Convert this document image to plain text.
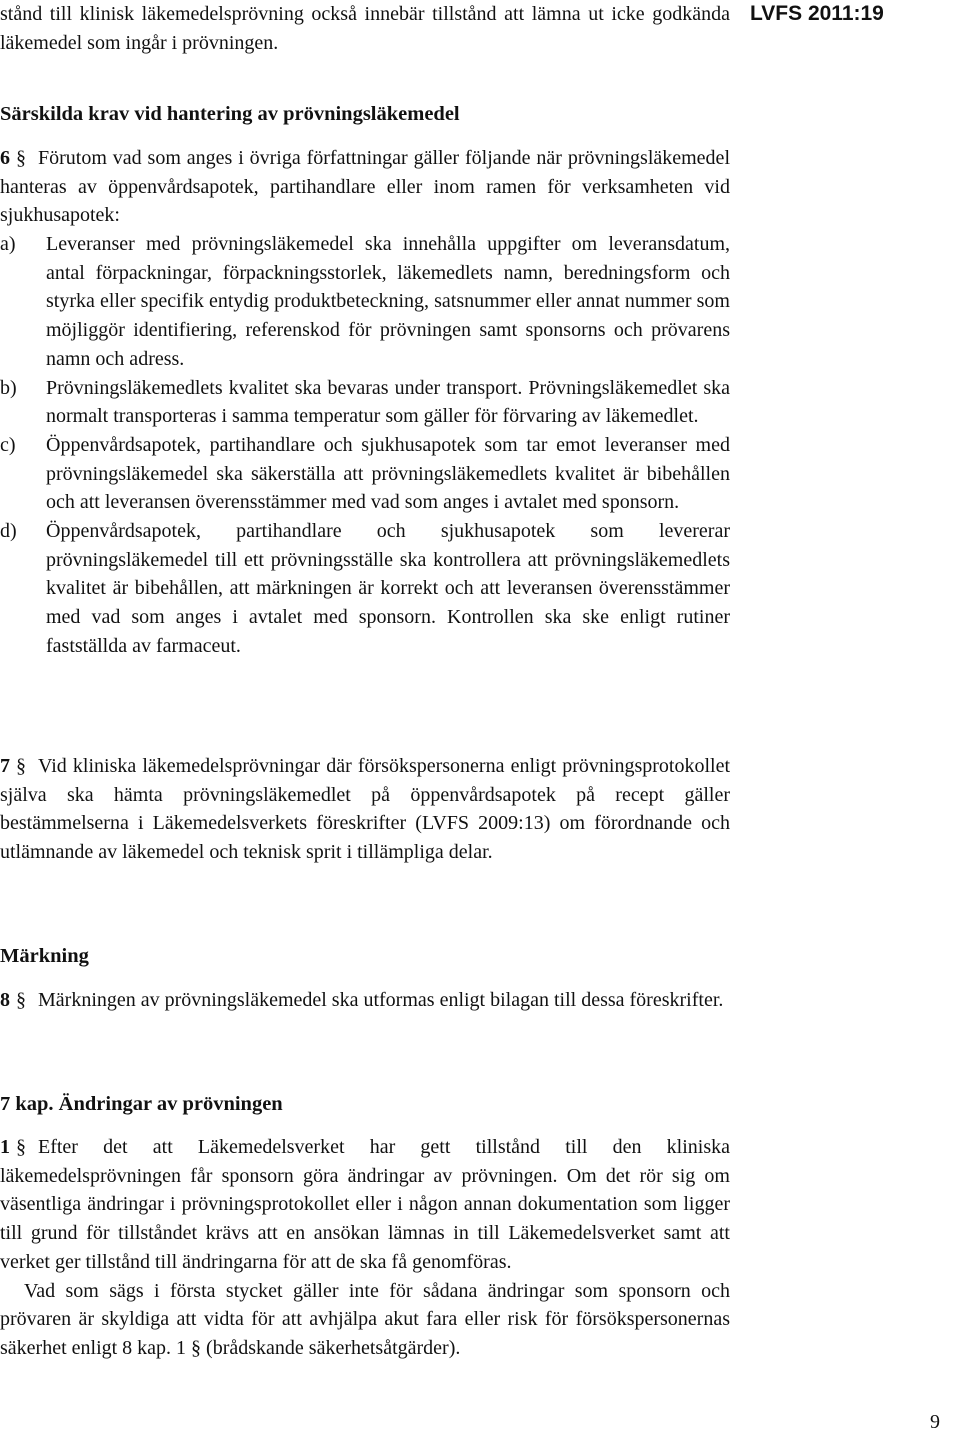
LVFS 2011:19

stånd till klinisk läkemedelsprövning också innebär tillstånd att lämna ut icke godkända läkemedel som ingår i prövningen.

Särskilda krav vid hantering av prövningsläkemedel

6 § Förutom vad som anges i övriga författningar gäller följande när prövningsläkemedel hanteras av öppenvårdsapotek, partihandlare eller inom ramen för verksamheten vid sjukhusapotek:

a) Leveranser med prövningsläkemedel ska innehålla uppgifter om leveransdatum, antal förpackningar, förpackningsstorlek, läkemedlets namn, beredningsform och styrka eller specifik entydig produktbeteckning, satsnummer eller annat nummer som möjliggör identifiering, referenskod för prövningen samt sponsorns och prövarens namn och adress.

b) Prövningsläkemedlets kvalitet ska bevaras under transport. Prövningsläkemedlet ska normalt transporteras i samma temperatur som gäller för förvaring av läkemedlet.

c) Öppenvårdsapotek, partihandlare och sjukhusapotek som tar emot leveranser med prövningsläkemedel ska säkerställa att prövningsläkemedlets kvalitet är bibehållen och att leveransen överensstämmer med vad som anges i avtalet med sponsorn.

d) Öppenvårdsapotek, partihandlare och sjukhusapotek som levererar prövningsläkemedel till ett prövningsställe ska kontrollera att prövningsläkemedlets kvalitet är bibehållen, att märkningen är korrekt och att leveransen överensstämmer med vad som anges i avtalet med sponsorn. Kontrollen ska ske enligt rutiner fastställda av farmaceut.

7 § Vid kliniska läkemedelsprövningar där försökspersonerna enligt prövningsprotokollet själva ska hämta prövningsläkemedlet på öppenvårdsapotek på recept gäller bestämmelserna i Läkemedelsverkets föreskrifter (LVFS 2009:13) om förordnande och utlämnande av läkemedel och teknisk sprit i tillämpliga delar.

Märkning

8 § Märkningen av prövningsläkemedel ska utformas enligt bilagan till dessa föreskrifter.

7 kap. Ändringar av prövningen

1 § Efter det att Läkemedelsverket har gett tillstånd till den kliniska läkemedelsprövningen får sponsorn göra ändringar av prövningen. Om det rör sig om väsentliga ändringar i prövningsprotokollet eller i någon annan dokumentation som ligger till grund för tillståndet krävs att en ansökan lämnas in till Läkemedelsverket samt att verket ger tillstånd till ändringarna för att de ska få genomföras.

Vad som sägs i första stycket gäller inte för sådana ändringar som sponsorn och prövaren är skyldiga att vidta för att avhjälpa akut fara eller risk för försökspersonernas säkerhet enligt 8 kap. 1 § (brådskande säkerhetsåtgärder).

9
